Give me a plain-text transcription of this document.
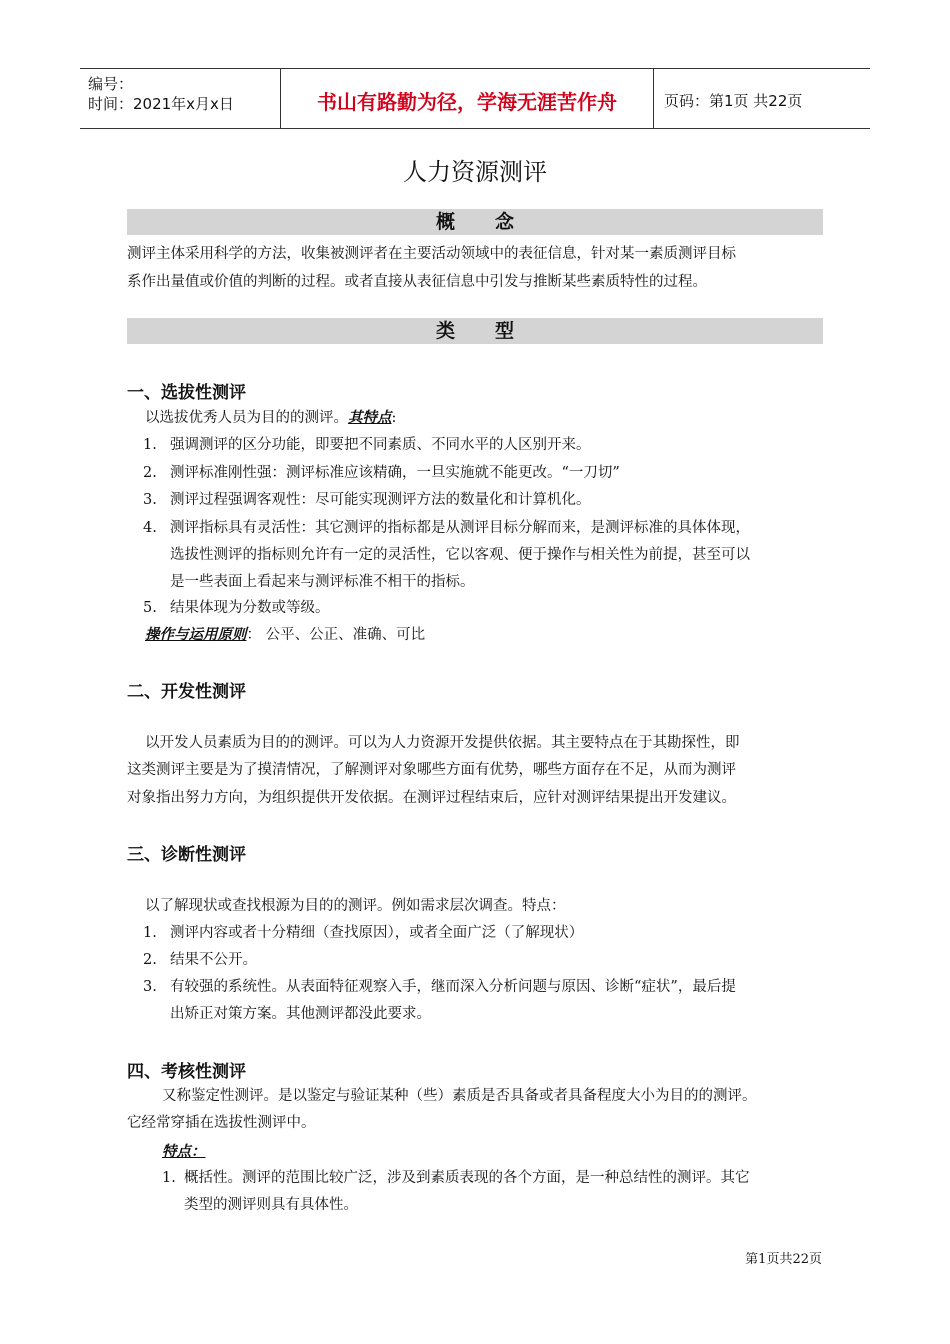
编号：
时间：2021年x月x日	书山有路勤为径，学海无涯苦作舟	页码：第1页 共22页
人力资源测评
概念
测评主体采用科学的方法，收集被测评者在主要活动领域中的表征信息，针对某一素质测评目标
系作出量值或价值的判断的过程。或者直接从表征信息中引发与推断某些素质特性的过程。
类型
一、选拔性测评
以选拔优秀人员为目的的测评。其特点:
1. 强调测评的区分功能，即要把不同素质、不同水平的人区别开来。
2. 测评标准刚性强：测评标准应该精确，一旦实施就不能更改。“一刀切”
3. 测评过程强调客观性：尽可能实现测评方法的数量化和计算机化。
4. 测评指标具有灵活性：其它测评的指标都是从测评目标分解而来，是测评标准的具体体现，
选拔性测评的指标则允许有一定的灵活性，它以客观、便于操作与相关性为前提，甚至可以
是一些表面上看起来与测评标准不相干的指标。
5. 结果体现为分数或等级。
操作与运用原则： 公平、公正、准确、可比
二、开发性测评
以开发人员素质为目的的测评。可以为人力资源开发提供依据。其主要特点在于其勘探性，即
这类测评主要是为了摸清情况，了解测评对象哪些方面有优势，哪些方面存在不足，从而为测评
对象指出努力方向，为组织提供开发依据。在测评过程结束后，应针对测评结果提出开发建议。
三、诊断性测评
以了解现状或查找根源为目的的测评。例如需求层次调查。特点：
1. 测评内容或者十分精细（查找原因），或者全面广泛（了解现状）
2. 结果不公开。
3. 有较强的系统性。从表面特征观察入手，继而深入分析问题与原因、诊断“症状”，最后提
出矫正对策方案。其他测评都没此要求。
四、考核性测评
又称鉴定性测评。是以鉴定与验证某种（些）素质是否具备或者具备程度大小为目的的测评。
它经常穿插在选拔性测评中。
特点：
1. 概括性。测评的范围比较广泛，涉及到素质表现的各个方面，是一种总结性的测评。其它
类型的测评则具有具体性。
第1页共22页
